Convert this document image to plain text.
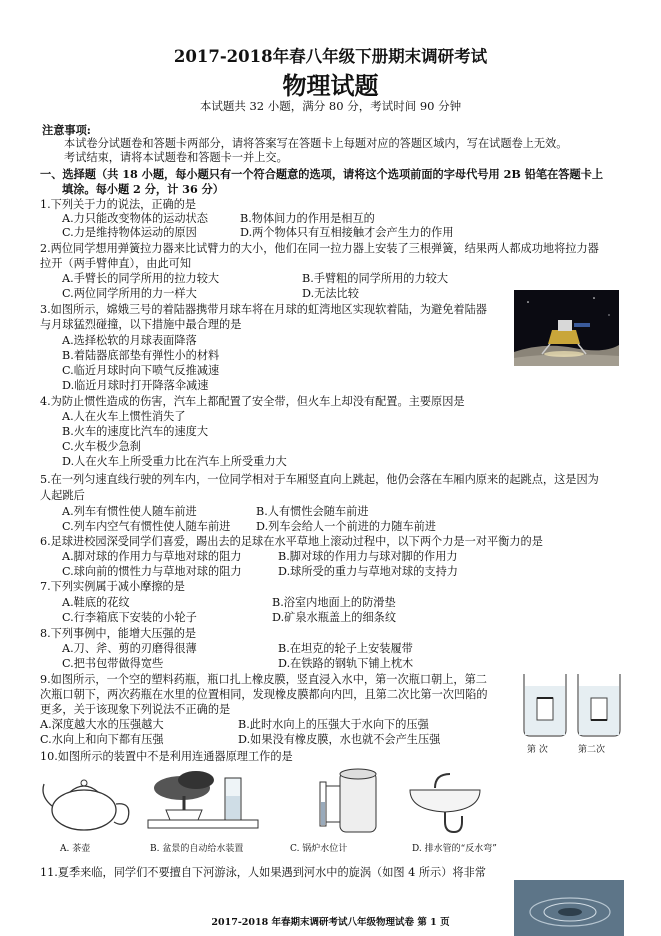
2017-2018年春八年级下册期末调研考试
物理试题
本试题共 32 小题，满分 80 分，考试时间 90 分钟
注意事项:
本试卷分试题卷和答题卡两部分，请将答案写在答题卡上每题对应的答题区域内，写在试题卷上无效。
考试结束，请将本试题卷和答题卡一并上交。
一、选择题（共 18 小题，每小题只有一个符合题意的选项，请将这个选项前面的字母代号用 2B 铅笔在答题卡上
填涂。每小题 2 分，计 36 分）
1.下列关于力的说法，正确的是
A.力只能改变物体的运动状态	B.物体间力的作用是相互的
C.力是维持物体运动的原因	D.两个物体只有互相接触才会产生力的作用
2.两位同学想用弹簧拉力器来比试臂力的大小，他们在同一拉力器上安装了三根弹簧，结果两人都成功地将拉力器
拉开（两手臂伸直），由此可知
A.手臂长的同学所用的拉力较大	B.手臂粗的同学所用的力较大
C.两位同学所用的力一样大	D.无法比较
3.如图所示，嫦娥三号的着陆器携带月球车将在月球的虹湾地区实现软着陆，为避免着陆器
与月球猛烈碰撞，以下措施中最合理的是
A.选择松软的月球表面降落
B.着陆器底部垫有弹性小的材料
C.临近月球时向下喷气反推减速
D.临近月球时打开降落伞减速
4.为防止惯性造成的伤害，汽车上都配置了安全带，但火车上却没有配置。主要原因是
A.人在火车上惯性消失了
B.火车的速度比汽车的速度大
C.火车极少急刹
D.人在火车上所受重力比在汽车上所受重力大
5.在一列匀速直线行驶的列车内，一位同学相对于车厢竖直向上跳起，他仍会落在车厢内原来的起跳点，这是因为
人起跳后
A.列车有惯性使人随车前进	B.人有惯性会随车前进
C.列车内空气有惯性使人随车前进 D.列车会给人一个前进的力随车前进
6.足球进校园深受同学们喜爱，踢出去的足球在水平草地上滚动过程中，以下两个力是一对平衡力的是
A.脚对球的作用力与草地对球的阻力	B.脚对球的作用力与球对脚的作用力
C.球向前的惯性力与草地对球的阻力	D.球所受的重力与草地对球的支持力
7.下列实例属于减小摩擦的是
A.鞋底的花纹	B.浴室内地面上的防滑垫
C.行李箱底下安装的小轮子	D.矿泉水瓶盖上的细条纹
8.下列事例中，能增大压强的是
A.刀、斧、剪的刃磨得很薄	B.在坦克的轮子上安装履带
C.把书包带做得宽些	D.在铁路的钢轨下铺上枕木
9.如图所示，一个空的塑料药瓶，瓶口扎上橡皮膜，竖直浸入水中，第一次瓶口朝上，第二
次瓶口朝下，两次药瓶在水里的位置相同，发现橡皮膜都向内凹，且第二次比第一次凹陷的
更多，关于该现象下列说法不正确的是
A.深度越大水的压强越大	B.此时水向上的压强大于水向下的压强
C.水向上和向下都有压强	D.如果没有橡皮膜，水也就不会产生压强
第 次	第二次
10.如图所示的装置中不是利用连通器原理工作的是
A. 茶壶	B. 盆景的自动给水装置	C. 锅炉水位计	D. 排水管的“反水弯”
11.夏季来临，同学们不要擅自下河游泳，人如果遇到河水中的旋涡（如图 4 所示）将非常
2017-2018 年春期末调研考试八年级物理试卷 第 1 页
